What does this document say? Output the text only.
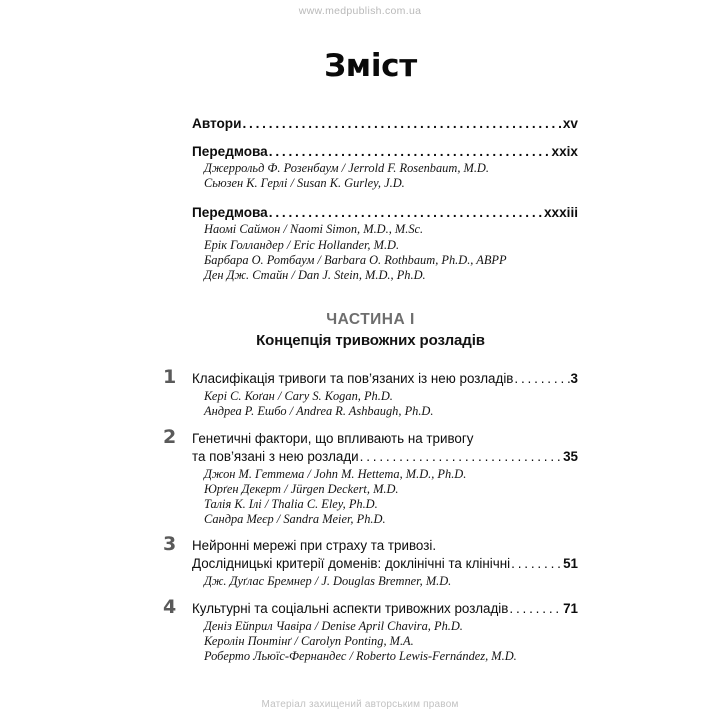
www.medpublish.com.ua
Зміст
Автори .....	xv
Передмова .....	xxix
Джеррольд Ф. Розенбаум / Jerrold F. Rosenbaum, M.D.
Сьюзен К. Герлі / Susan K. Gurley, J.D.
Передмова .....	xxxiii
Наомі Саймон / Naomi Simon, M.D., M.Sc.
Ерік Голландер / Eric Hollander, M.D.
Барбара О. Ротбаум / Barbara O. Rothbaum, Ph.D., ABPP
Ден Дж. Стайн / Dan J. Stein, M.D., Ph.D.
ЧАСТИНА I
Концепція тривожних розладів
1	Класифікація тривоги та пов’язаних із нею розладів .....	3
Кері С. Коґан / Cary S. Kogan, Ph.D.
Андреа Р. Ешбо / Andrea R. Ashbaugh, Ph.D.
2	Генетичні фактори, що впливають на тривогу
та пов’язані з нею розлади .....	35
Джон М. Геттема / John M. Hettema, M.D., Ph.D.
Юрґен Декерт / Jürgen Deckert, M.D.
Талія К. Ілі / Thalia C. Eley, Ph.D.
Сандра Меєр / Sandra Meier, Ph.D.
3	Нейронні мережі при страху та тривозі.
Дослідницькі критерії доменів: доклінічні та клінічні .....	51
Дж. Дуґлас Бремнер / J. Douglas Bremner, M.D.
4	Культурні та соціальні аспекти тривожних розладів .....	71
Деніз Ейприл Чавіра / Denise April Chavira, Ph.D.
Керолін Понтінґ / Carolyn Ponting, M.A.
Роберто Льюїс-Фернандес / Roberto Lewis-Fernández, M.D.
Матеріал захищений авторським правом
